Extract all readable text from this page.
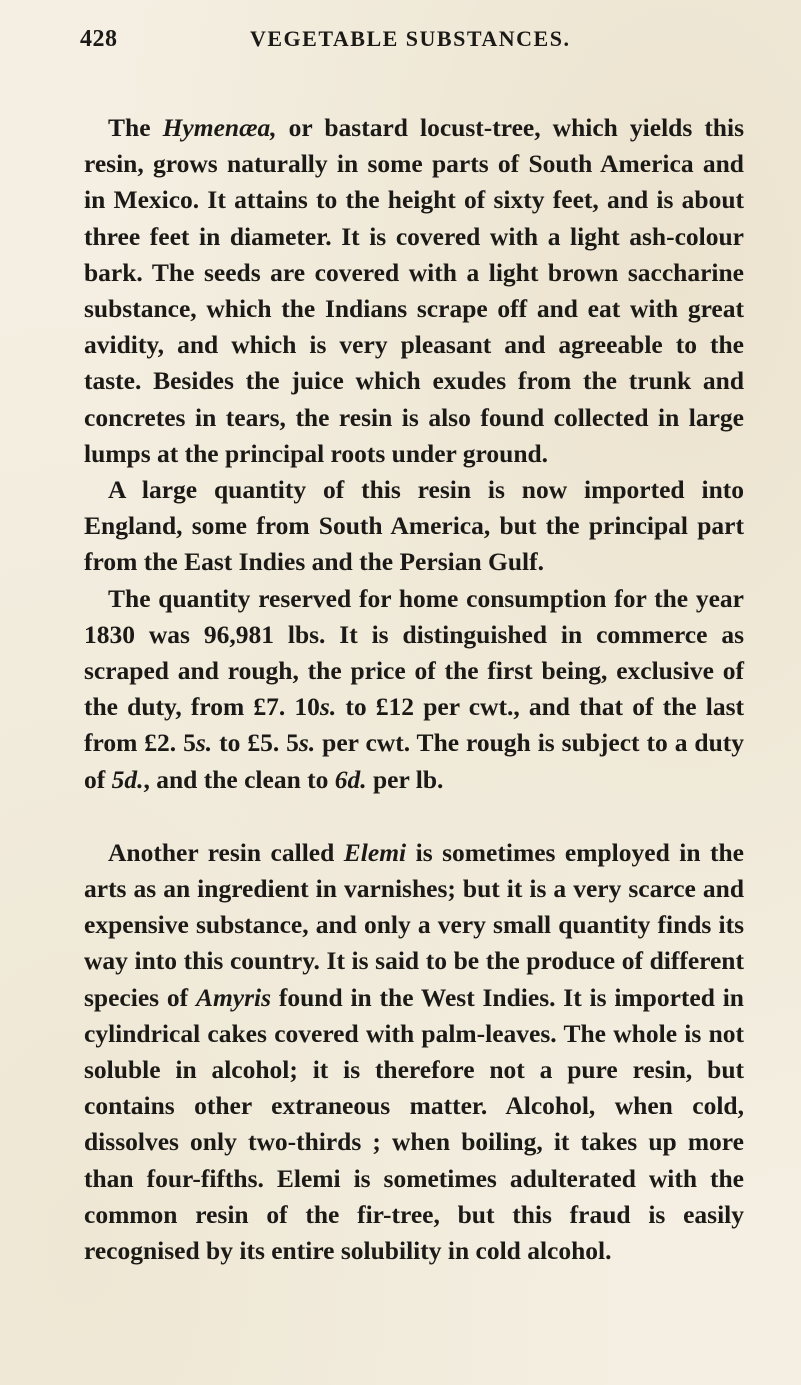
428	VEGETABLE SUBSTANCES.

The Hymenæa, or bastard locust-tree, which yields this resin, grows naturally in some parts of South America and in Mexico. It attains to the height of sixty feet, and is about three feet in diameter. It is covered with a light ash-colour bark. The seeds are covered with a light brown saccharine substance, which the Indians scrape off and eat with great avidity, and which is very pleasant and agreeable to the taste. Besides the juice which exudes from the trunk and concretes in tears, the resin is also found collected in large lumps at the principal roots under ground.

A large quantity of this resin is now imported into England, some from South America, but the principal part from the East Indies and the Persian Gulf.

The quantity reserved for home consumption for the year 1830 was 96,981 lbs. It is distinguished in commerce as scraped and rough, the price of the first being, exclusive of the duty, from £7. 10s. to £12 per cwt., and that of the last from £2. 5s. to £5. 5s. per cwt. The rough is subject to a duty of 5d., and the clean to 6d. per lb.

Another resin called Elemi is sometimes employed in the arts as an ingredient in varnishes; but it is a very scarce and expensive substance, and only a very small quantity finds its way into this country. It is said to be the produce of different species of Amyris found in the West Indies. It is imported in cylindrical cakes covered with palm-leaves. The whole is not soluble in alcohol; it is therefore not a pure resin, but contains other extraneous matter. Alcohol, when cold, dissolves only two-thirds ; when boiling, it takes up more than four-fifths. Elemi is sometimes adulterated with the common resin of the fir-tree, but this fraud is easily recognised by its entire solubility in cold alcohol.
